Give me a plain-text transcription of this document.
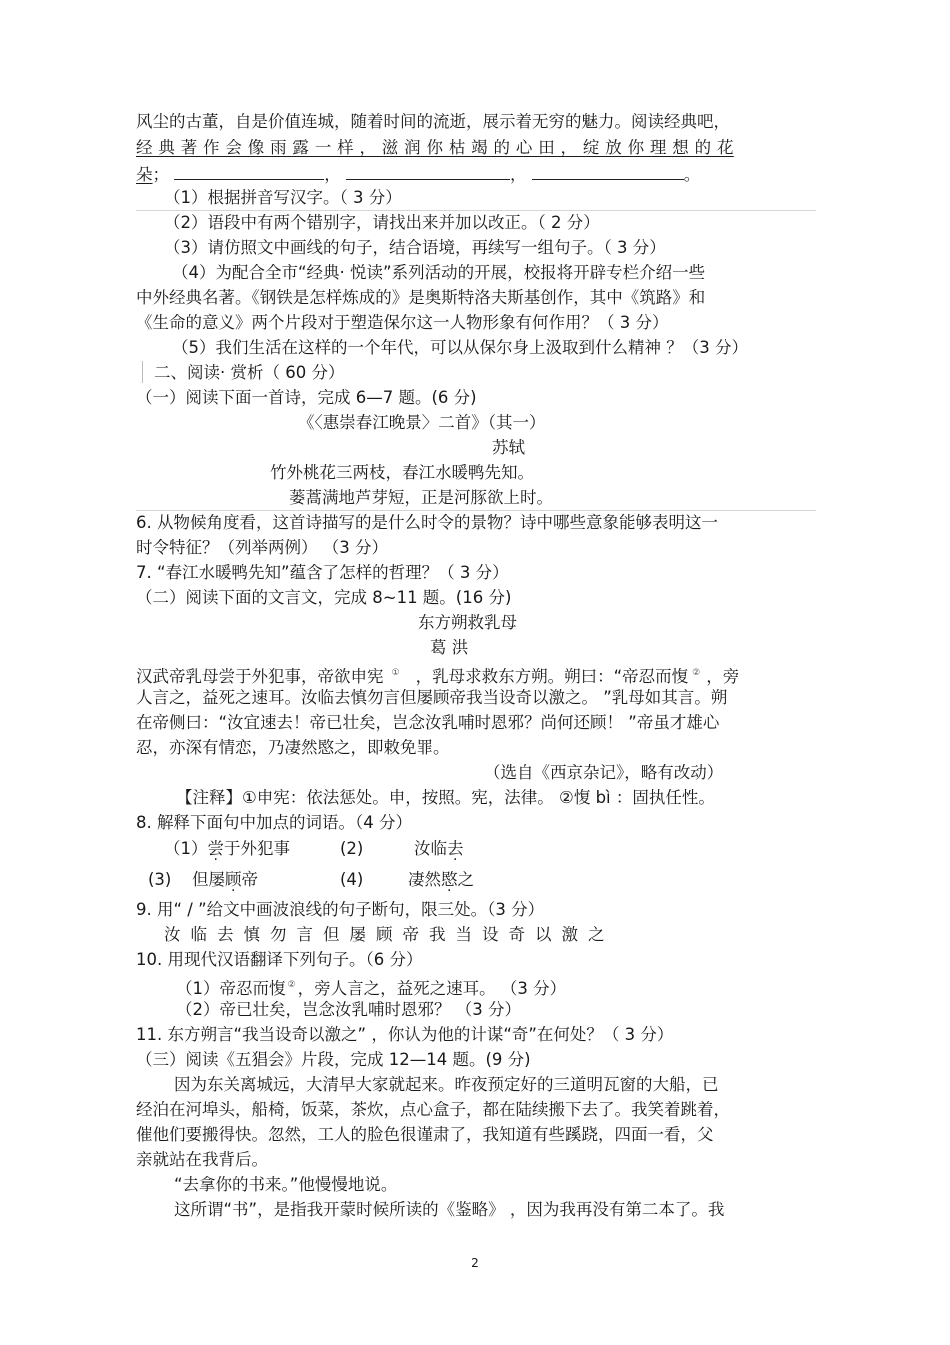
风尘的古董，自是价值连城，随着时间的流逝，展示着无穷的魅力。阅读经典吧，
经 典 著 作 会 像 雨 露 一 样 ， 滋 润 你 枯 竭 的 心 田 ， 绽 放 你 理 想 的 花
朵；	，	，	。
（1）根据拼音写汉字。（ 3 分）
（2）语段中有两个错别字，请找出来并加以改正。（ 2 分）
（3）请仿照文中画线的句子，结合语境，再续写一组句子。（ 3 分）
（4）为配合全市“经典· 悦读”系列活动的开展，校报将开辟专栏介绍一些
中外经典名著。《钢铁是怎样炼成的》是奥斯特洛夫斯基创作，其中《筑路》和
《生命的意义》两个片段对于塑造保尔这一人物形象有何作用？（ 3 分）
（5）我们生活在这样的一个年代，可以从保尔身上汲取到什么精神 ？（3 分）
二、阅读· 赏析（ 60 分）
（一）阅读下面一首诗，完成 6—7 题。(6 分)
《〈惠崇春江晚景〉二首》（其一）
苏轼
竹外桃花三两枝，春江水暖鸭先知。
蒌蒿满地芦芽短，正是河豚欲上时。
6. 从物候角度看，这首诗描写的是什么时令的景物？诗中哪些意象能够表明这一
时令特征？（列举两例） （3 分）
7. “春江水暖鸭先知”蕴含了怎样的哲理？（ 3 分）
（二）阅读下面的文言文，完成 8~11 题。(16 分)
东方朔救乳母
葛 洪
汉武帝乳母尝于外犯事，帝欲申宪 ① ，乳母求救东方朔。朔曰：“帝忍而愎 ② ，旁
人言之，益死之速耳。汝临去慎勿言但屡顾帝我当设奇以激之。 ”乳母如其言。朔
在帝侧曰：“汝宜速去！帝已壮矣，岂念汝乳哺时恩邪？尚何还顾！ ”帝虽才雄心
忍，亦深有情恋，乃凄然愍之，即敕免罪。
（选自《西京杂记》，略有改动）
【注释】①申宪：依法惩处。申，按照。宪，法律。 ②愎 bì ：固执任性。
8. 解释下面句中加点的词语。（4 分）
（1）尝于外犯事	(2)	汝临去
(3) 但屡顾帝	(4)	凄然愍之
9. 用“ / ”给文中画波浪线的句子断句，限三处。（3 分）
汝临去慎勿言但屡顾帝我当设奇以激之
10. 用现代汉语翻译下列句子。（6 分）
（1）帝忍而愎 ② ，旁人言之，益死之速耳。 （3 分）
（2）帝已壮矣，岂念汝乳哺时恩邪？ （3 分）
11. 东方朔言“我当设奇以激之” ，你认为他的计谋“奇”在何处？（ 3 分）
（三）阅读《五猖会》片段，完成 12—14 题。(9 分)
因为东关离城远，大清早大家就起来。昨夜预定好的三道明瓦窗的大船，已
经泊在河埠头，船椅，饭菜，茶炊，点心盒子，都在陆续搬下去了。我笑着跳着，
催他们要搬得快。忽然，工人的脸色很谨肃了，我知道有些蹊跷，四面一看，父
亲就站在我背后。
“去拿你的书来。”他慢慢地说。
这所谓“书”，是指我开蒙时候所读的《鉴略》 ，因为我再没有第二本了。我
2
